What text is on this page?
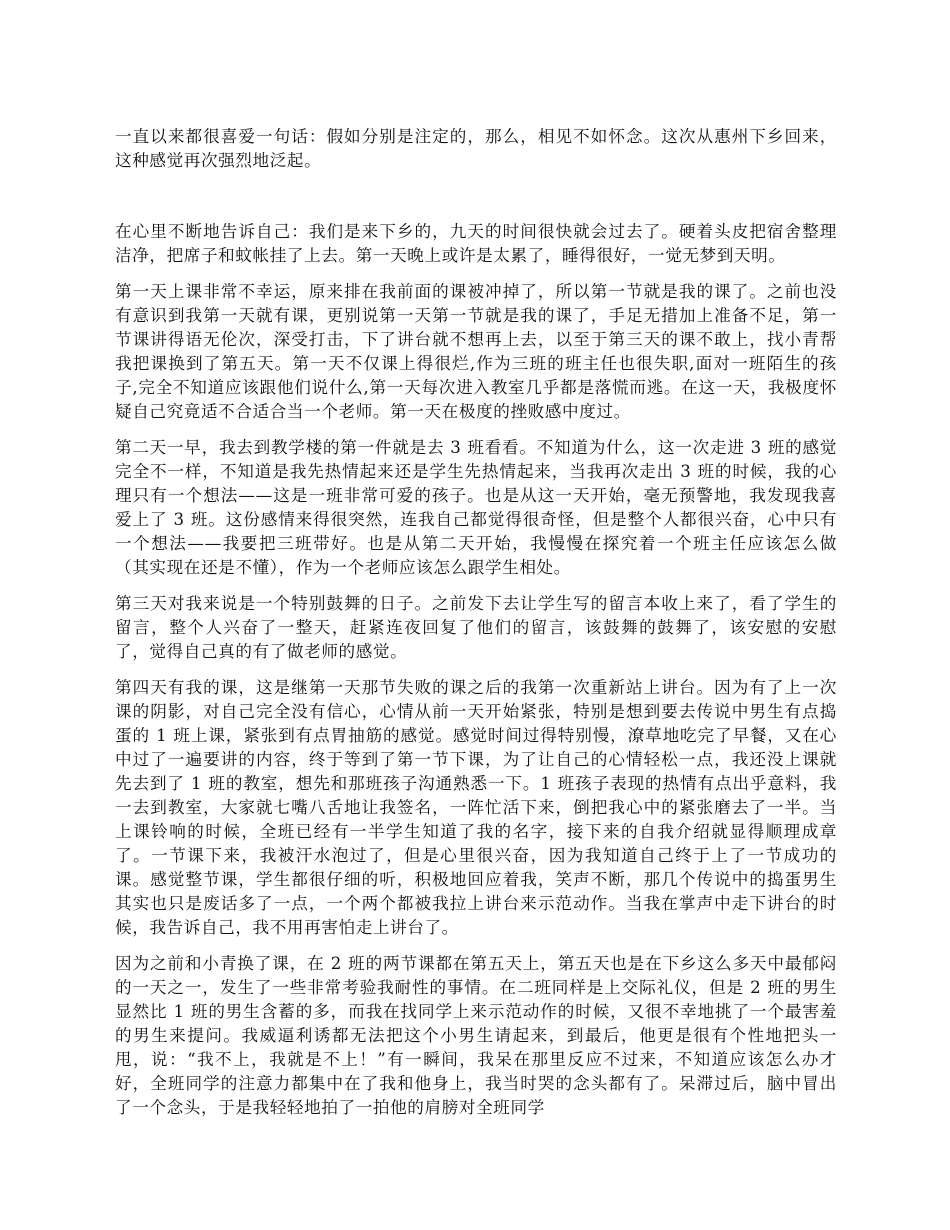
一直以来都很喜爱一句话：假如分别是注定的，那么，相见不如怀念。这次从惠州下乡回来，这种感觉再次强烈地泛起。

在心里不断地告诉自己：我们是来下乡的，九天的时间很快就会过去了。硬着头皮把宿舍整理洁净，把席子和蚊帐挂了上去。第一天晚上或许是太累了，睡得很好，一觉无梦到天明。

第一天上课非常不幸运，原来排在我前面的课被冲掉了，所以第一节就是我的课了。之前也没有意识到我第一天就有课，更别说第一天第一节就是我的课了，手足无措加上准备不足，第一节课讲得语无伦次，深受打击，下了讲台就不想再上去，以至于第三天的课不敢上，找小青帮我把课换到了第五天。第一天不仅课上得很烂,作为三班的班主任也很失职,面对一班陌生的孩子,完全不知道应该跟他们说什么,第一天每次进入教室几乎都是落慌而逃。在这一天，我极度怀疑自己究竟适不合适合当一个老师。第一天在极度的挫败感中度过。

第二天一早，我去到教学楼的第一件就是去 3 班看看。不知道为什么，这一次走进 3 班的感觉完全不一样，不知道是我先热情起来还是学生先热情起来，当我再次走出 3 班的时候，我的心理只有一个想法——这是一班非常可爱的孩子。也是从这一天开始，毫无预警地，我发现我喜爱上了 3 班。这份感情来得很突然，连我自己都觉得很奇怪，但是整个人都很兴奋，心中只有一个想法——我要把三班带好。也是从第二天开始，我慢慢在探究着一个班主任应该怎么做（其实现在还是不懂），作为一个老师应该怎么跟学生相处。

第三天对我来说是一个特别鼓舞的日子。之前发下去让学生写的留言本收上来了，看了学生的留言，整个人兴奋了一整天，赶紧连夜回复了他们的留言，该鼓舞的鼓舞了，该安慰的安慰了，觉得自己真的有了做老师的感觉。

第四天有我的课，这是继第一天那节失败的课之后的我第一次重新站上讲台。因为有了上一次课的阴影，对自己完全没有信心，心情从前一天开始紧张，特别是想到要去传说中男生有点捣蛋的 1 班上课，紧张到有点胃抽筋的感觉。感觉时间过得特别慢，潦草地吃完了早餐，又在心中过了一遍要讲的内容，终于等到了第一节下课，为了让自己的心情轻松一点，我还没上课就先去到了 1 班的教室，想先和那班孩子沟通熟悉一下。1 班孩子表现的热情有点出乎意料，我一去到教室，大家就七嘴八舌地让我签名，一阵忙活下来，倒把我心中的紧张磨去了一半。当上课铃响的时候，全班已经有一半学生知道了我的名字，接下来的自我介绍就显得顺理成章了。一节课下来，我被汗水泡过了，但是心里很兴奋，因为我知道自己终于上了一节成功的课。感觉整节课，学生都很仔细的听，积极地回应着我，笑声不断，那几个传说中的捣蛋男生其实也只是废话多了一点，一个两个都被我拉上讲台来示范动作。当我在掌声中走下讲台的时候，我告诉自己，我不用再害怕走上讲台了。

因为之前和小青换了课，在 2 班的两节课都在第五天上，第五天也是在下乡这么多天中最郁闷的一天之一，发生了一些非常考验我耐性的事情。在二班同样是上交际礼仪，但是 2 班的男生显然比 1 班的男生含蓄的多，而我在找同学上来示范动作的时候，又很不幸地挑了一个最害羞的男生来提问。我威逼利诱都无法把这个小男生请起来，到最后，他更是很有个性地把头一甩，说：“我不上，我就是不上！”有一瞬间，我呆在那里反应不过来，不知道应该怎么办才好，全班同学的注意力都集中在了我和他身上，我当时哭的念头都有了。呆滞过后，脑中冒出了一个念头，于是我轻轻地拍了一拍他的肩膀对全班同学
